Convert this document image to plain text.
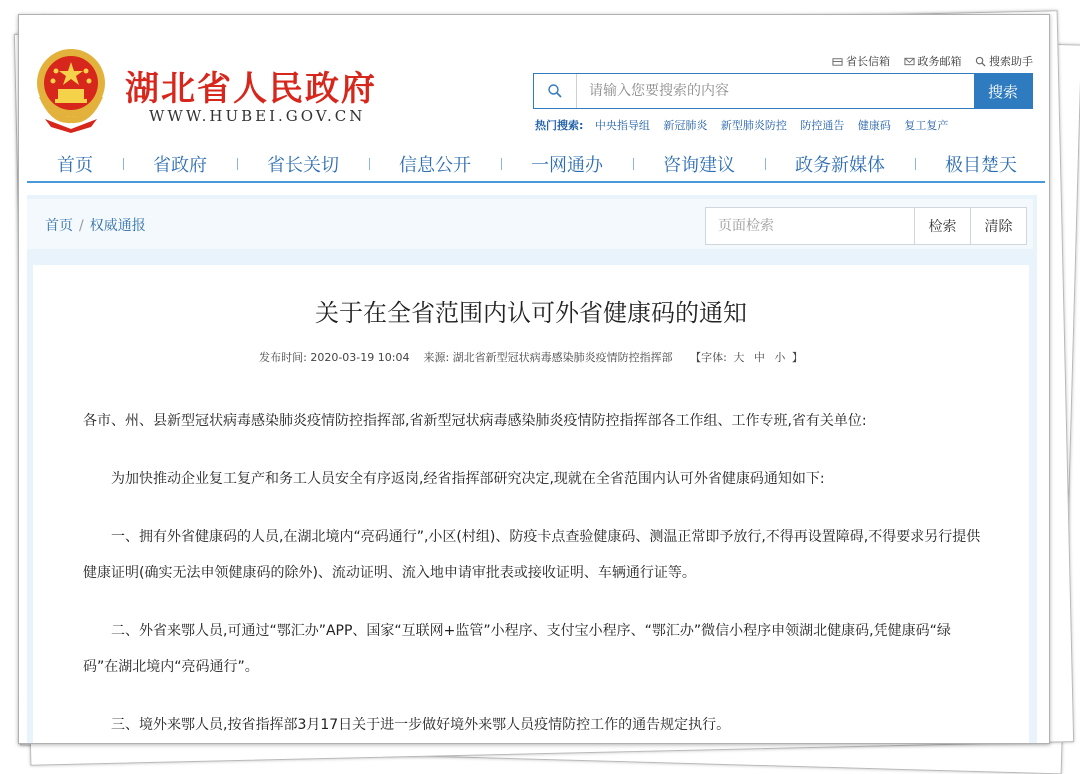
湖北省人民政府
WWW.HUBEI.GOV.CN
省长信箱
	政务邮箱
	搜索助手
请输入您要搜索的内容
搜索
热门搜索: 中央指导组 新冠肺炎 新型肺炎防控 防控通告 健康码 复工复产
首页	省政府	省长关切	信息公开	一网通办	咨询建议	政务新媒体	极目楚天
首页 / 权威通报
页面检索	检索	清除
关于在全省范围内认可外省健康码的通知
发布时间: 2020-03-19 10:04 来源: 湖北省新型冠状病毒感染肺炎疫情防控指挥部 【字体: 大 中 小 】

各市、州、县新型冠状病毒感染肺炎疫情防控指挥部,省新型冠状病毒感染肺炎疫情防控指挥部各工作组、工作专班,省有关单位:

为加快推动企业复工复产和务工人员安全有序返岗,经省指挥部研究决定,现就在全省范围内认可外省健康码通知如下:

一、拥有外省健康码的人员,在湖北境内“亮码通行”,小区(村组)、防疫卡点查验健康码、测温正常即予放行,不得再设置障碍,不得要求另行提供健康证明(确实无法申领健康码的除外)、流动证明、流入地申请审批表或接收证明、车辆通行证等。

二、外省来鄂人员,可通过“鄂汇办”APP、国家“互联网+监管”小程序、支付宝小程序、“鄂汇办”微信小程序申领湖北健康码,凭健康码“绿码”在湖北境内“亮码通行”。

三、境外来鄂人员,按省指挥部3月17日关于进一步做好境外来鄂人员疫情防控工作的通告规定执行。
